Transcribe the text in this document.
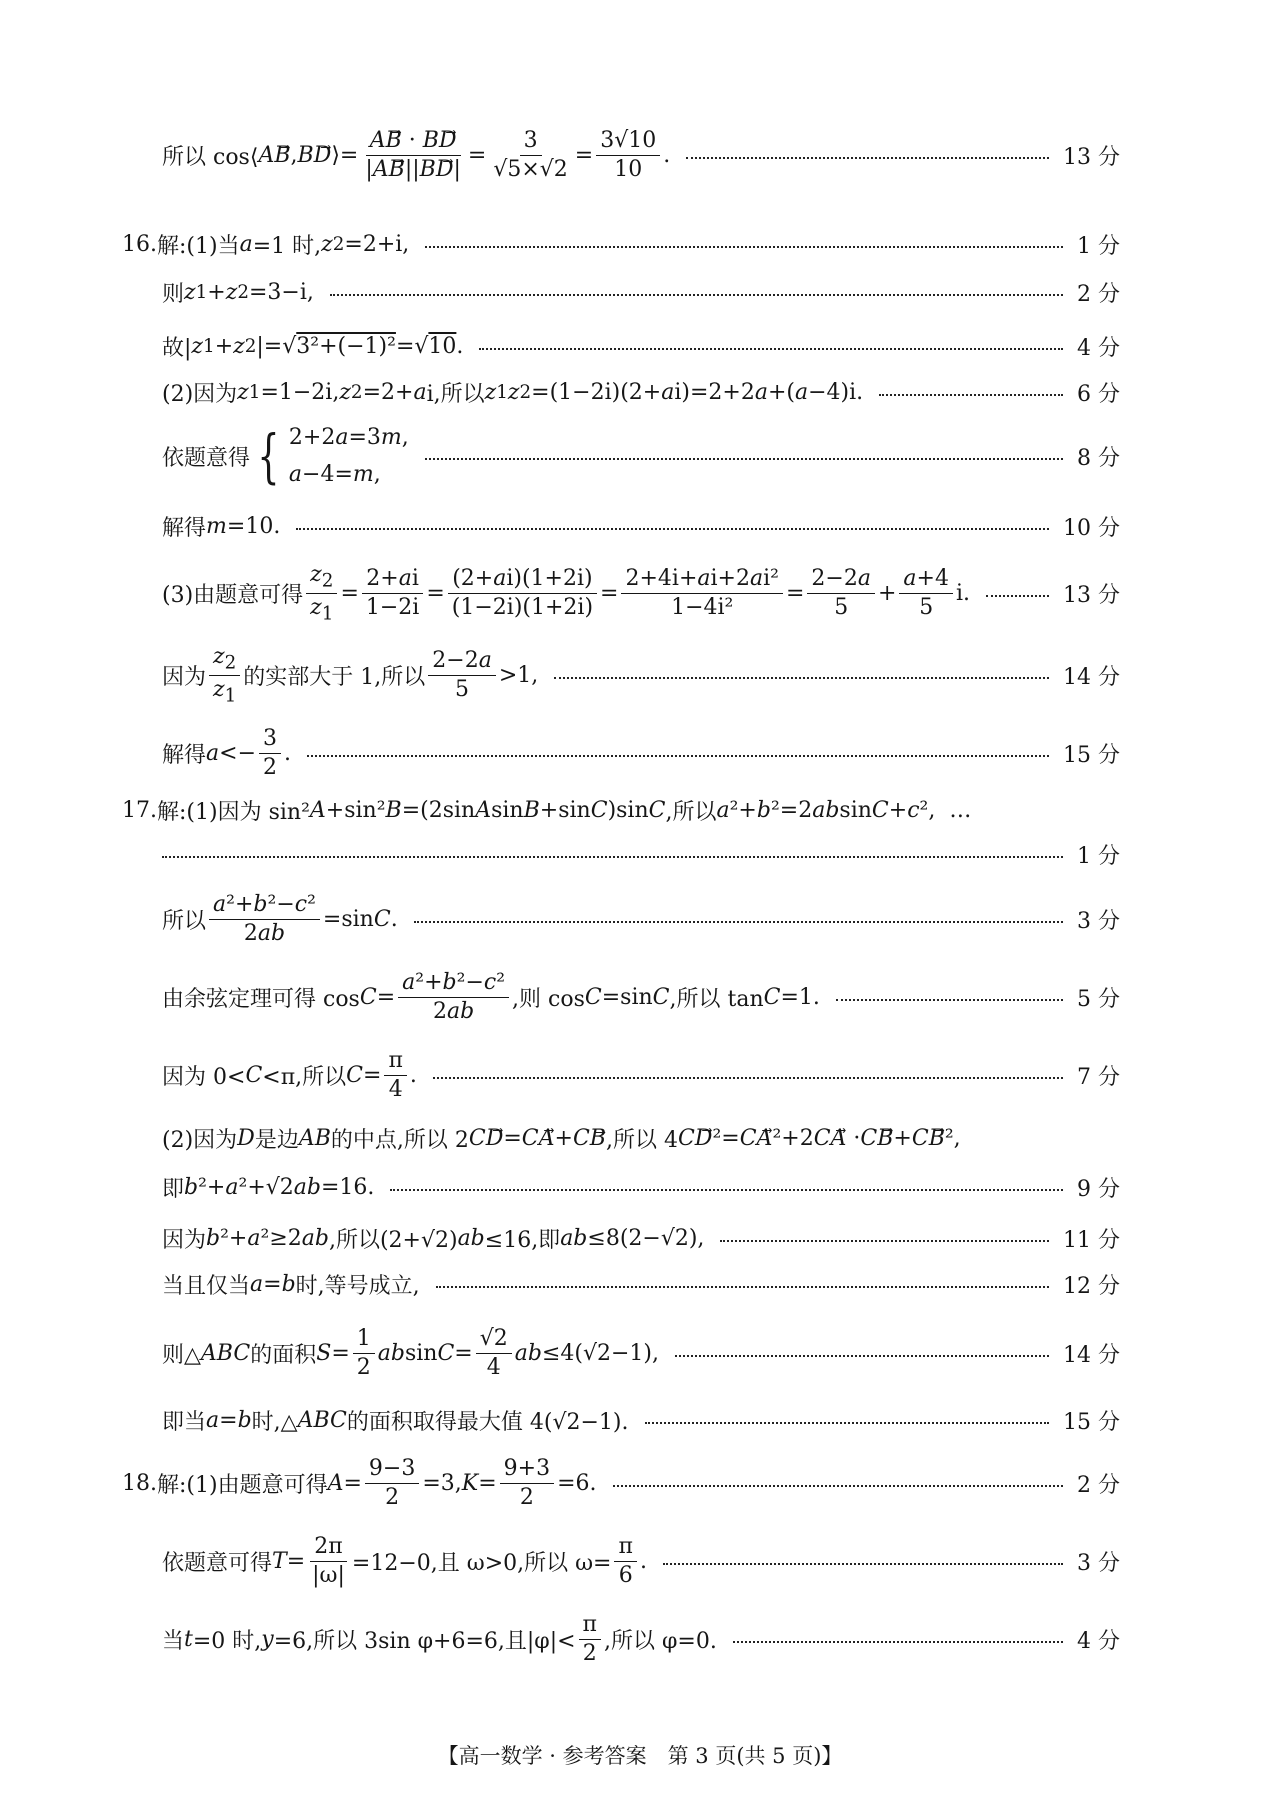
所以 cos⟨ AB ⃗, BD ⃗⟩= $\frac{AB⃗ \cdot BD}{|AB⃗||BD⃗|} = \frac{3}{√5\times√2} = \frac{3√10}{10}$ .	13 分
16. 解:(1)当 a =1 时, z 2 =2+i,	1 分
则 z 1 + z 2 =3−i,	2 分
故| z 1 + z 2 |=√ 3²+(−1)² =√ 10 .	4 分
(2)因为 z 1 =1−2i, z 2 =2+ a i,所以 z 1 z 2 =(1−2i)(2+ a i)=2+2 a +( a −4)i.	6 分
依题意得 { 2+2a=3m,
a−4=m,
8 分
解得 m =10.	10 分
(3)由题意可得 $\frac{z_2}{z_1} = \frac{2+ai}{1-2i} = \frac{(2+ai)(1+2i)}{(1-2i)(1+2i)} = \frac{\text{2+4i+ai+2ai²}}{\text{1−4i²}} = \frac{2-2a}{5} + \frac{a+4}{5} i$.	13 分
因为 $\frac{z_2}{z_1}$ 的实部大于 1,所以 $\frac{2-2a}{5} >1$,	14 分
解得 $a <- \frac{3}{2}$ .	15 分
17. 解:(1)因为 sin² A +sin² B =(2sin A sin B +sin C )sin C ,所以 a ²+ b ²=2 ab sin C + c ²,  …
1 分
所以 $\frac{\text{a²+b²−c²}}{2ab} =\sin$ C .	3 分
由余弦定理可得 $\cos C = \frac{\text{a²+b²−c²}}{2ab}$ ,则 cos C =sin C ,所以 tan C =1.	5 分
因为 0< C <π,所以 $C = \frac{\pi}{4}$ .	7 分
(2)因为 D 是边 AB 的中点,所以 2 CD ⃗= CA ⃗+ CB ⃗,所以 4 CD ⃗²= CA ⃗²+2 CA ⃗ · CB ⃗+ CB ⃗²,
即 b ²+ a ²+√2 ab =16.	9 分
因为 b ²+ a ²≥2 ab ,所以(2+√2) ab ≤16,即 ab ≤8(2−√2),	11 分
当且仅当 a = b 时,等号成立,	12 分
则△ ABC 的面积 $S = \frac{1}{2}$ ab $\sin C = \frac{√2}{4}$ ab ≤4(√2−1),	14 分
即当 a = b 时,△ ABC 的面积取得最大值 4(√2−1).	15 分
18. 解:(1)由题意可得 $A = \frac{9-3}{2} =3$, $K = \frac{9+3}{2} =6$.	2 分
依题意可得 $T = \frac{2\pi}{|\omega|} =12-0$,且 ω>0,所以 $\omega= \frac{\pi}{6}$ .	3 分
当 t =0 时, y =6,所以 3sin φ+6=6,且$|\varphi|< \frac{\pi}{2}$ ,所以 φ=0.	4 分
【高一数学 · 参考答案　第 3 页(共 5 页)】
